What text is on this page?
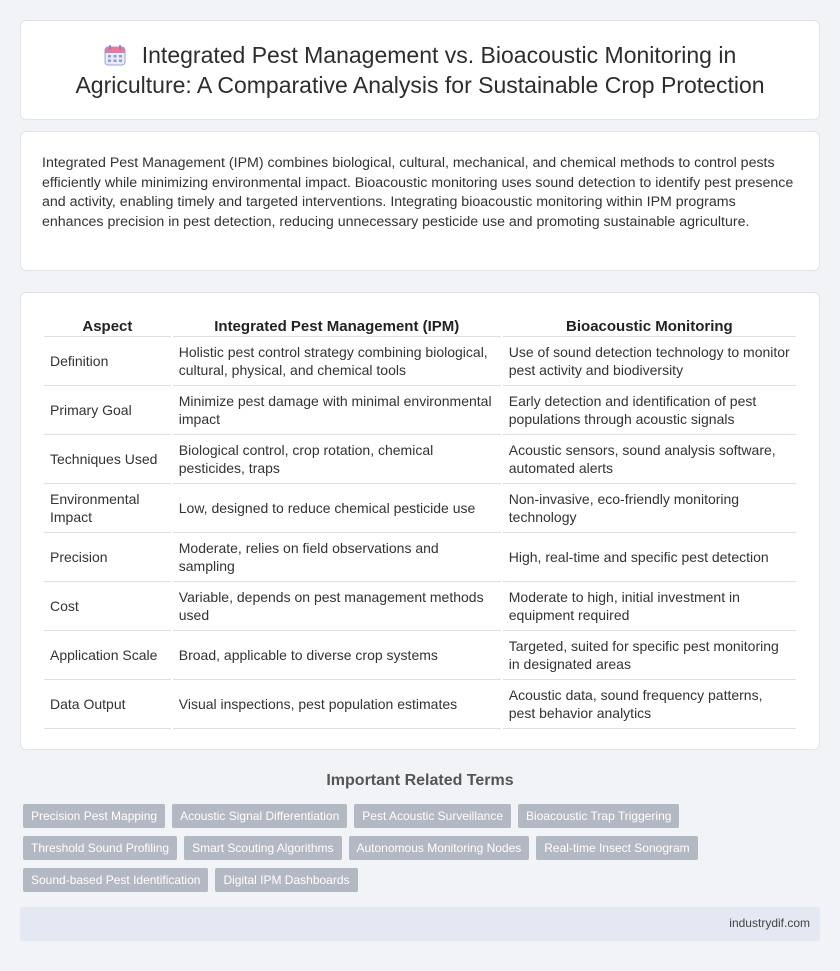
Integrated Pest Management vs. Bioacoustic Monitoring in Agriculture: A Comparative Analysis for Sustainable Crop Protection

Integrated Pest Management (IPM) combines biological, cultural, mechanical, and chemical methods to control pests efficiently while minimizing environmental impact. Bioacoustic monitoring uses sound detection to identify pest presence and activity, enabling timely and targeted interventions. Integrating bioacoustic monitoring within IPM programs enhances precision in pest detection, reducing unnecessary pesticide use and promoting sustainable agriculture.

Aspect	Integrated Pest Management (IPM)	Bioacoustic Monitoring
Definition	Holistic pest control strategy combining biological, cultural, physical, and chemical tools	Use of sound detection technology to monitor pest activity and biodiversity
Primary Goal	Minimize pest damage with minimal environmental impact	Early detection and identification of pest populations through acoustic signals
Techniques Used	Biological control, crop rotation, chemical pesticides, traps	Acoustic sensors, sound analysis software, automated alerts
Environmental Impact	Low, designed to reduce chemical pesticide use	Non-invasive, eco-friendly monitoring technology
Precision	Moderate, relies on field observations and sampling	High, real-time and specific pest detection
Cost	Variable, depends on pest management methods used	Moderate to high, initial investment in equipment required
Application Scale	Broad, applicable to diverse crop systems	Targeted, suited for specific pest monitoring in designated areas
Data Output	Visual inspections, pest population estimates	Acoustic data, sound frequency patterns, pest behavior analytics
Important Related Terms
Precision Pest Mapping	Acoustic Signal Differentiation	Pest Acoustic Surveillance	Bioacoustic Trap Triggering
Threshold Sound Profiling	Smart Scouting Algorithms	Autonomous Monitoring Nodes	Real-time Insect Sonogram
Sound-based Pest Identification	Digital IPM Dashboards
industrydif.com
